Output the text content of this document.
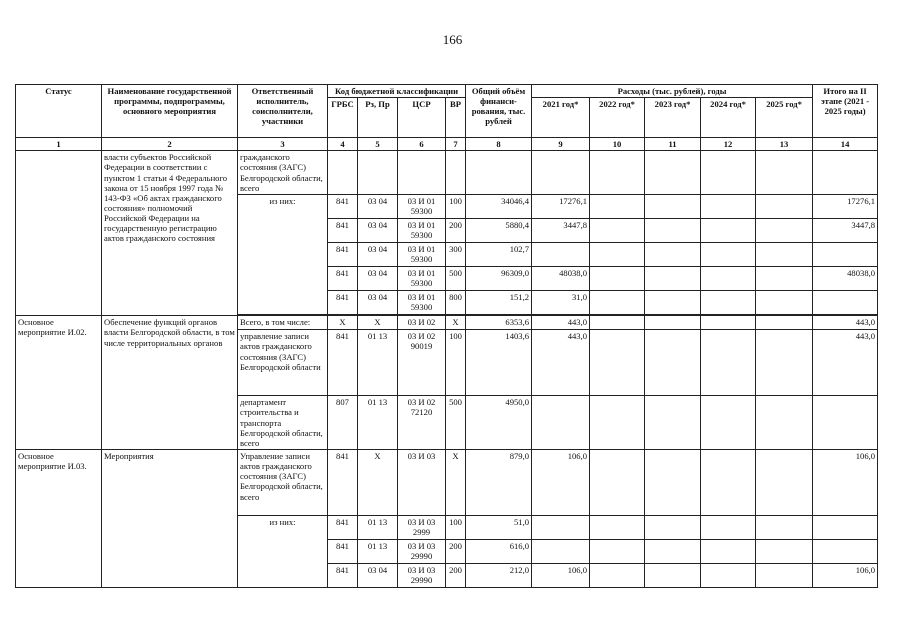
166
Статус	Наименование государственной программы, подпрограммы, основного мероприятия	Ответственный исполнитель, соисполнители, участники	Код бюджетной классификации				Общий объём финанси-рования, тыс. рублей	Расходы (тыс. рублей), годы					Итого на II этапе (2021 - 2025 годы)
			ГРБС	Рз, Пр	ЦСР	ВР		2021 год*	2022 год*	2023 год*	2024 год*	2025 год*	
1	2	3	4	5	6	7	8	9	10	11	12	13	14
	власти субъектов Российской Федерации в соответствии с пунктом 1 статьи 4 Федерального закона от 15 ноября 1997 года № 143-ФЗ «Об актах гражданского состояния» полномочий Российской Федерации на государственную регистрацию актов гражданского состояния	гражданского состояния (ЗАГС) Белгородской области, всего											
		из них:	841	03 04	03 И 01 59300	100	34046,4	17276,1					17276,1
			841	03 04	03 И 01 59300	200	5880,4	3447,8					3447,8
			841	03 04	03 И 01 59300	300	102,7						
			841	03 04	03 И 01 59300	500	96309,0	48038,0					48038,0
			841	03 04	03 И 01 59300	800	151,2	31,0					

Основное мероприятие И.02.	Обеспечение функций органов власти Белгородской области, в том числе территориальных органов	Всего, в том числе:	Х	Х	03 И 02	Х	6353,6	443,0					443,0
		управление записи актов гражданского состояния (ЗАГС) Белгородской области	841	01 13	03 И 02 90019	100	1403,6	443,0					443,0
		департамент строительства и транспорта Белгородской области, всего	807	01 13	03 И 02 72120	500	4950,0						
Основное мероприятие И.03.	Мероприятия	Управление записи актов гражданского состояния (ЗАГС) Белгородской области, всего	841	Х	03 И 03	Х	879,0	106,0					106,0
		из них:	841	01 13	03 И 03 2999	100	51,0						
			841	01 13	03 И 03 29990	200	616,0						
			841	03 04	03 И 03 29990	200	212,0	106,0					106,0
